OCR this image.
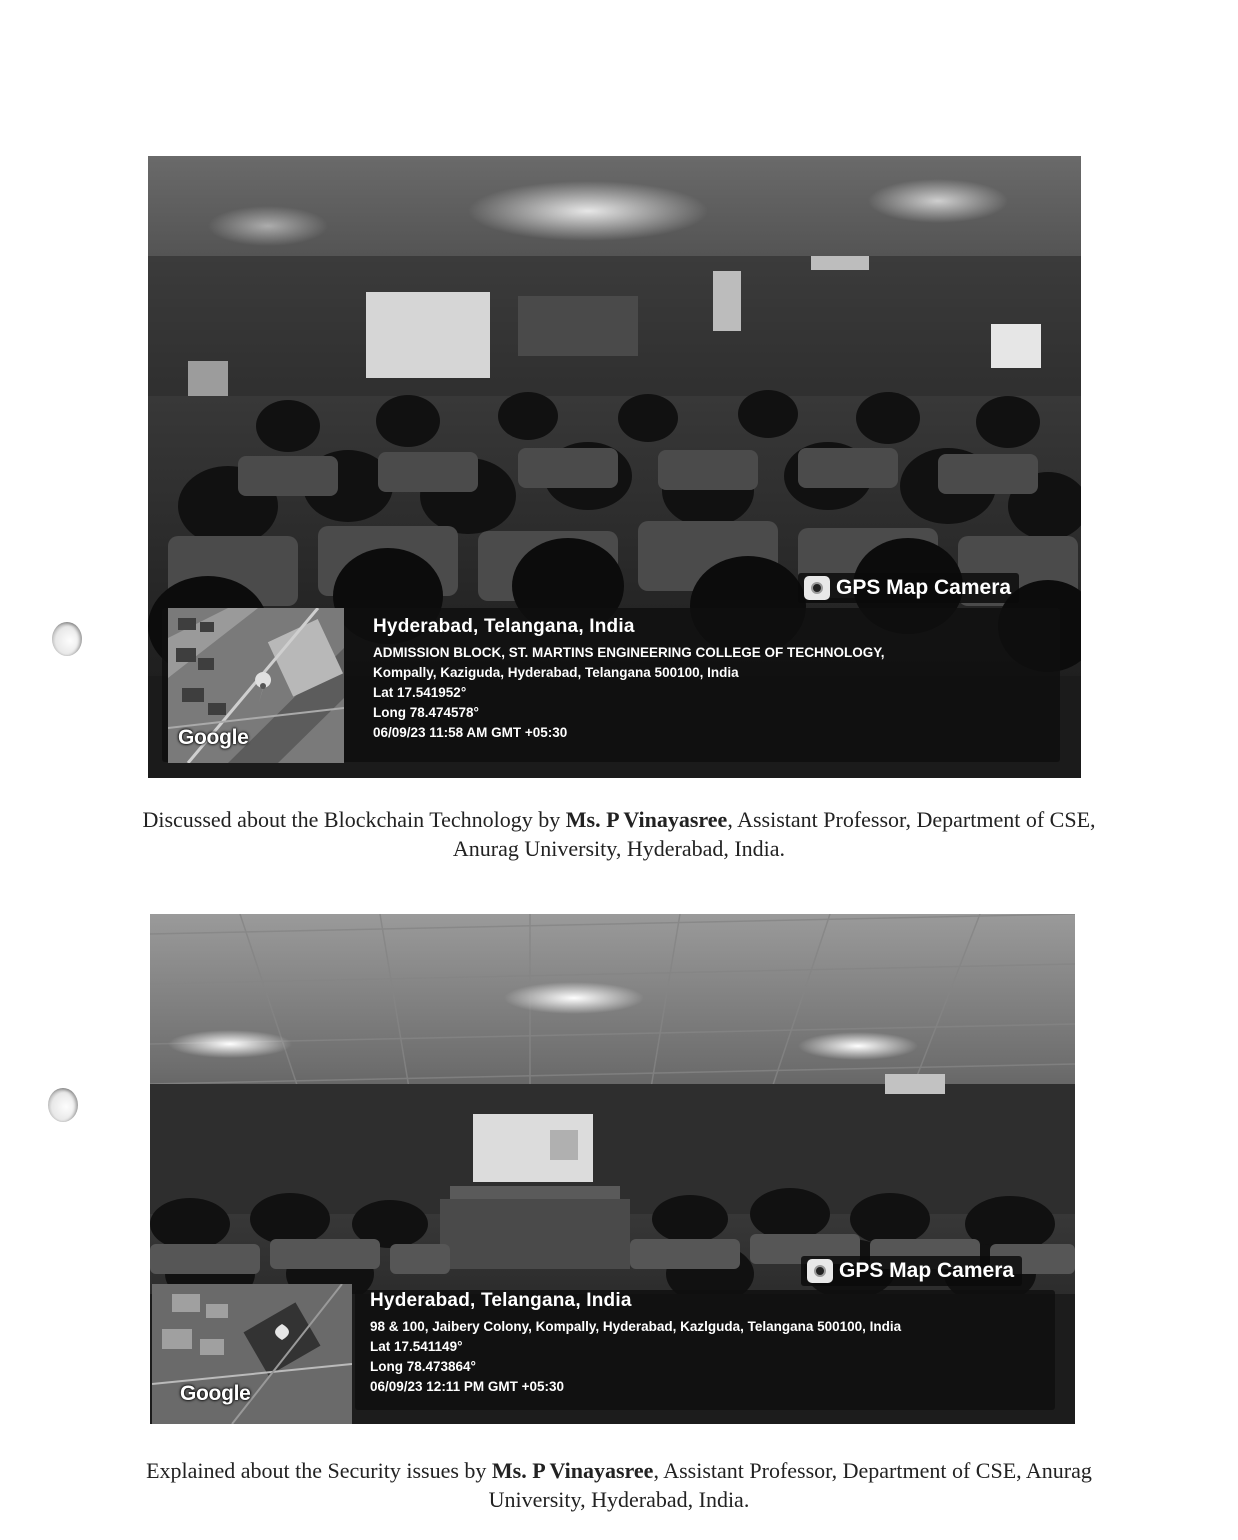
GPS Map Camera
Google
Hyderabad, Telangana, India
ADMISSION BLOCK, ST. MARTINS ENGINEERING COLLEGE OF TECHNOLOGY,
Kompally, Kaziguda, Hyderabad, Telangana 500100, India
Lat 17.541952°
Long 78.474578°
06/09/23 11:58 AM GMT +05:30
Discussed about the Blockchain Technology by Ms. P Vinayasree, Assistant Professor, Department of CSE,
Anurag University, Hyderabad, India.
GPS Map Camera
Google
Hyderabad, Telangana, India
98 & 100, Jaibery Colony, Kompally, Hyderabad, Kazlguda, Telangana 500100, India
Lat 17.541149°
Long 78.473864°
06/09/23 12:11 PM GMT +05:30
Explained about the Security issues by Ms. P Vinayasree, Assistant Professor, Department of CSE, Anurag
University, Hyderabad, India.
